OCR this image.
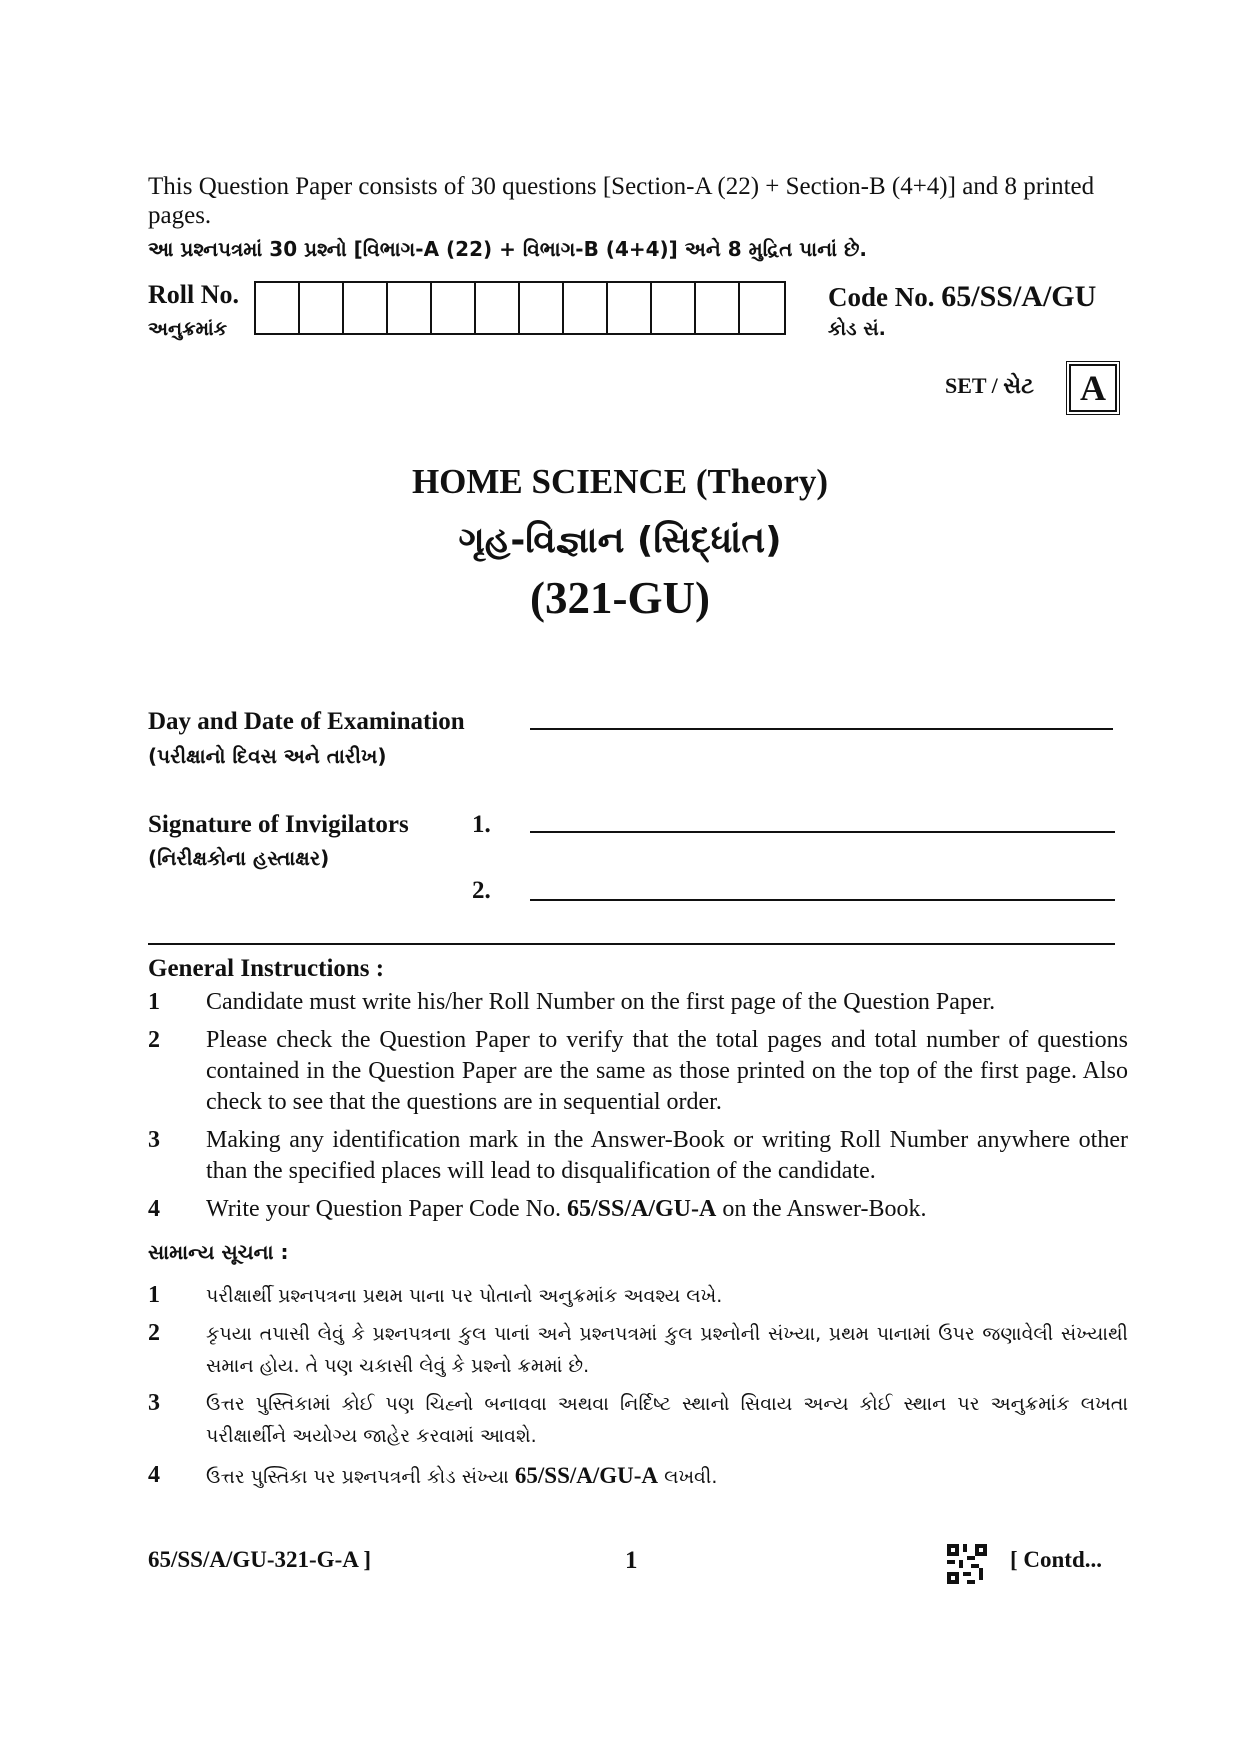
This Question Paper consists of 30 questions [Section-A (22) + Section-B (4+4)] and 8 printed pages.
આ પ્રશ્નપત્રમાં 30 પ્રશ્નો [વિભાગ-A (22) + વિભાગ-B (4+4)] અને 8 મુદ્રિત પાનાં છે.
Roll No.
અનુક્રમાંક
Code No. 65/SS/A/GU
કોડ સં.
SET / સેટ	A
HOME SCIENCE (Theory)
ગૃહ-વિજ્ઞાન (સિદ્ધાંત)
(321-GU)
Day and Date of Examination
(પરીક્ષાનો દિવસ અને તારીખ)
Signature of Invigilators
(નિરીક્ષકોના હસ્તાક્ષર)
1.
2.
General Instructions :
1	Candidate must write his/her Roll Number on the first page of the Question Paper.
2	Please check the Question Paper to verify that the total pages and total number of questions contained in the Question Paper are the same as those printed on the top of the first page. Also check to see that the questions are in sequential order.
3	Making any identification mark in the Answer-Book or writing Roll Number anywhere other than the specified places will lead to disqualification of the candidate.
4	Write your Question Paper Code No. 65/SS/A/GU-A on the Answer-Book.
સામાન્ય સૂચના :
1	પરીક્ષાર્થી પ્રશ્નપત્રના પ્રથમ પાના પર પોતાનો અનુક્રમાંક અવશ્ય લખે.
2	કૃપયા તપાસી લેવું કે પ્રશ્નપત્રના કુલ પાનાં અને પ્રશ્નપત્રમાં કુલ પ્રશ્નોની સંખ્યા, પ્રથમ પાનામાં ઉપર જણાવેલી સંખ્યાથી સમાન હોય. તે પણ ચકાસી લેવું કે પ્રશ્નો ક્રમમાં છે.
3	ઉત્તર પુસ્તિકામાં કોઈ પણ ચિહ્નો બનાવવા અથવા નિર્દિષ્ટ સ્થાનો સિવાય અન્ય કોઈ સ્થાન પર અનુક્રમાંક લખતા પરીક્ષાર્થીને અયોગ્ય જાહેર કરવામાં આવશે.
4	ઉત્તર પુસ્તિકા પર પ્રશ્નપત્રની કોડ સંખ્યા 65/SS/A/GU-A લખવી.
65/SS/A/GU-321-G-A ]	1	[ Contd...
